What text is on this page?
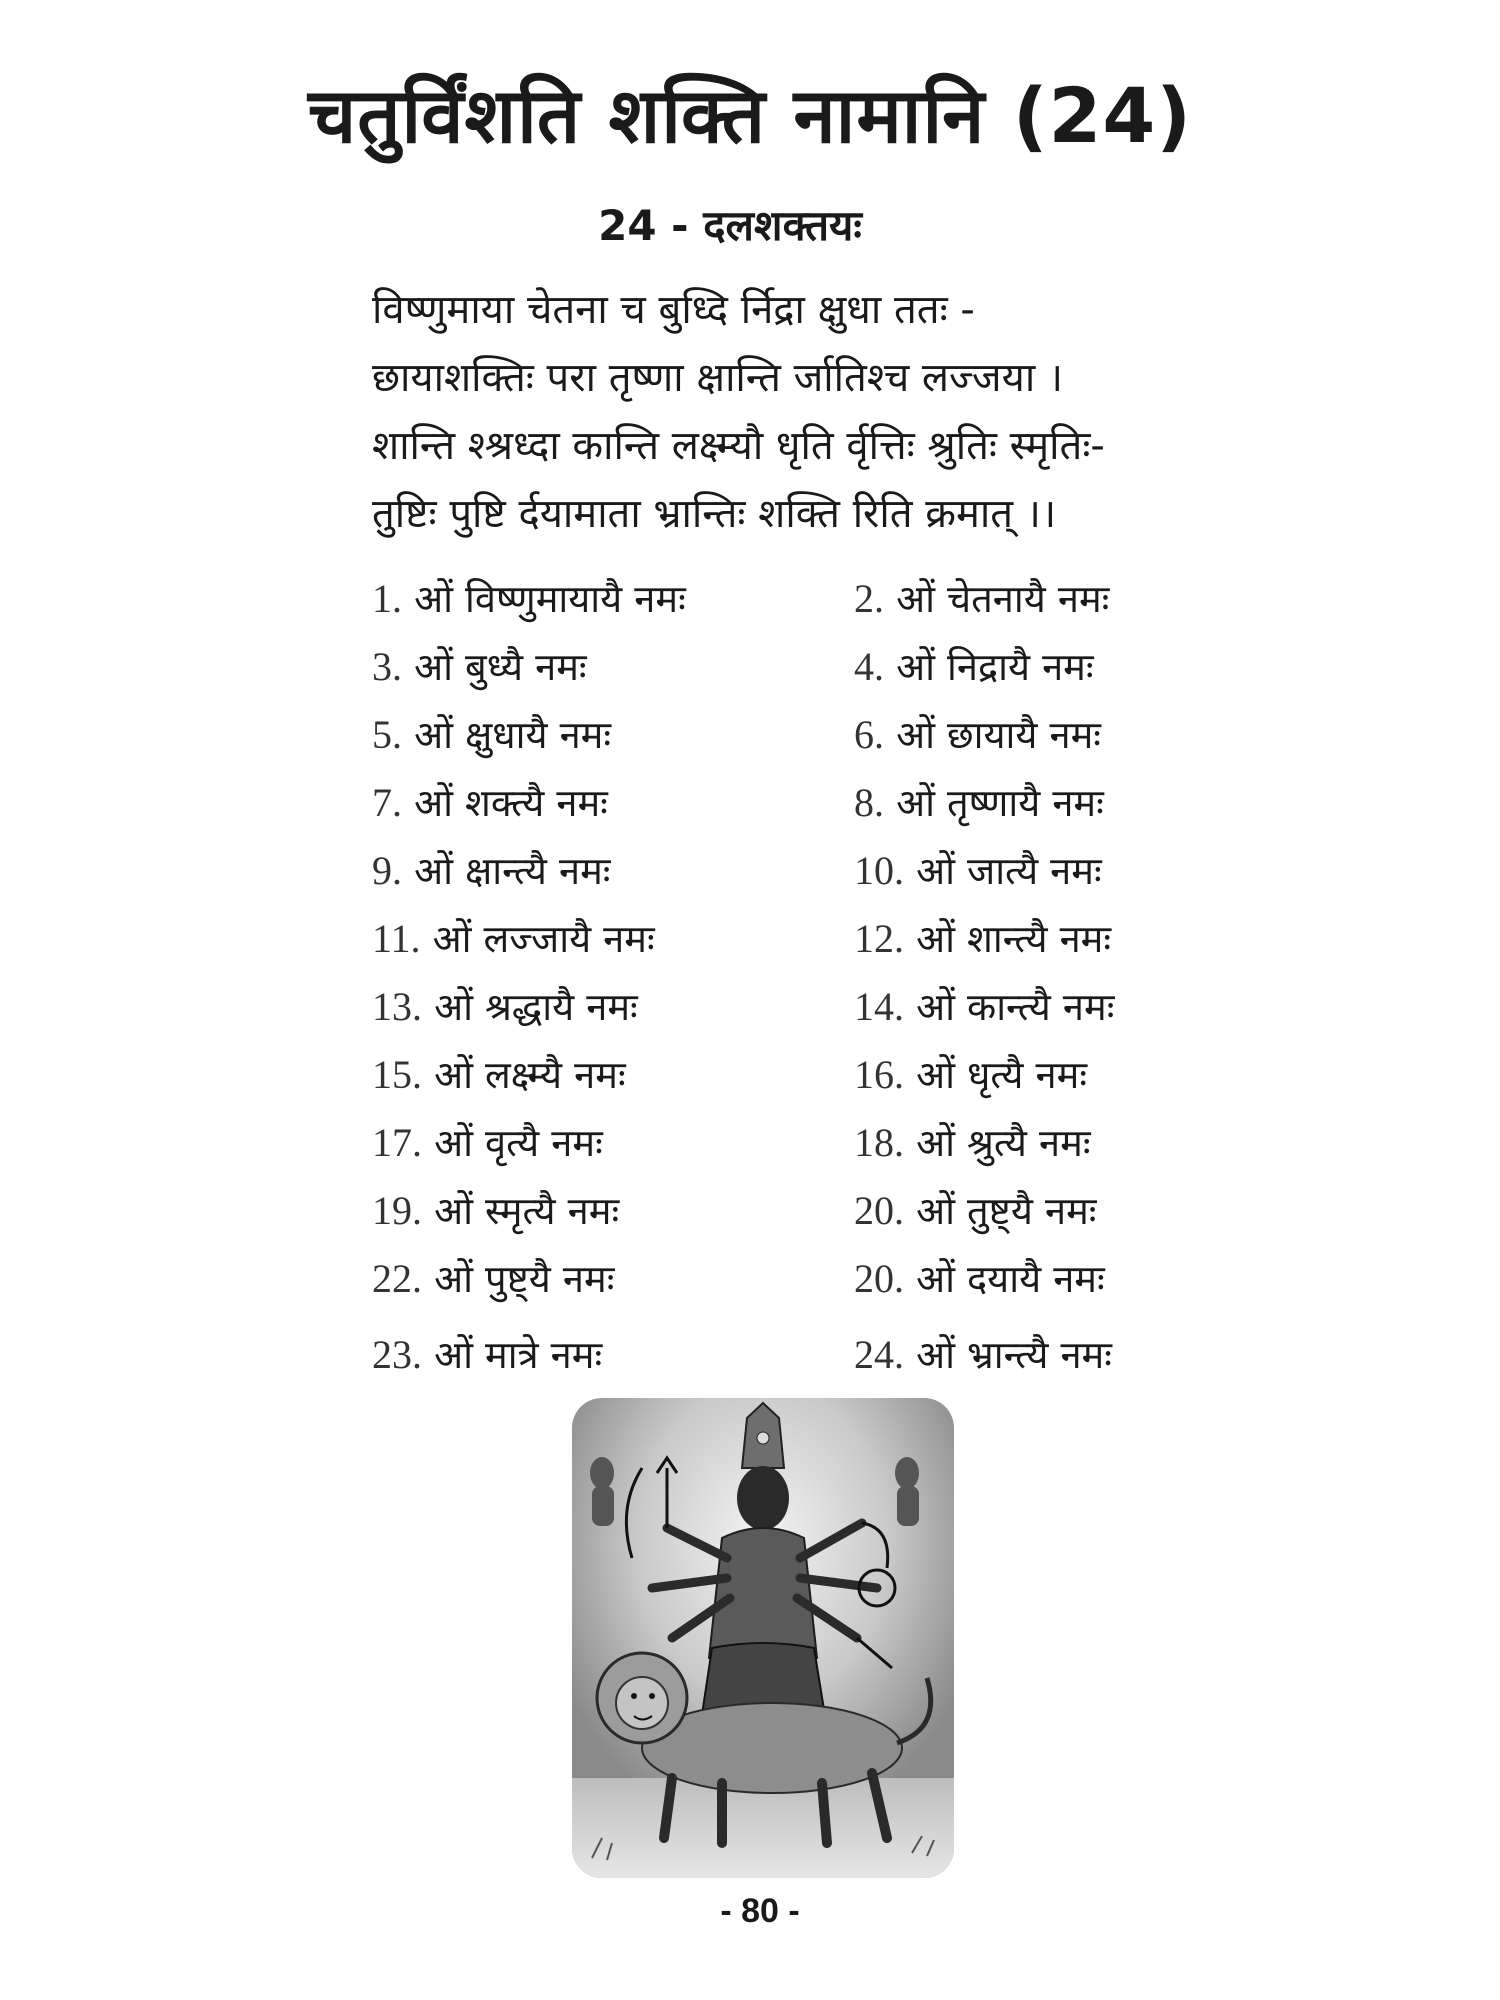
चतुर्विंशति शक्ति नामानि (24)
24 - दलशक्तयः
विष्णुमाया चेतना च बुध्दि र्निद्रा क्षुधा ततः -
छायाशक्तिः परा तृष्णा क्षान्ति र्जातिश्च लज्जया ।
शान्ति श्श्रध्दा कान्ति लक्ष्म्यौ धृति र्वृत्तिः श्रुतिः स्मृतिः-
तुष्टिः पुष्टि र्दयामाता भ्रान्तिः शक्ति रिति क्रमात् ।।
1. ओं विष्णुमायायै नमः	2. ओं चेतनायै नमः
3. ओं बुध्यै नमः	4. ओं निद्रायै नमः
5. ओं क्षुधायै नमः	6. ओं छायायै नमः
7. ओं शक्त्यै नमः	8. ओं तृष्णायै नमः
9. ओं क्षान्त्यै नमः	10. ओं जात्यै नमः
11. ओं लज्जायै नमः	12. ओं शान्त्यै नमः
13. ओं श्रद्धायै नमः	14. ओं कान्त्यै नमः
15. ओं लक्ष्म्यै नमः	16. ओं धृत्यै नमः
17. ओं वृत्यै नमः	18. ओं श्रुत्यै नमः
19. ओं स्मृत्यै नमः	20. ओं तुष्ट्यै नमः
22. ओं पुष्ट्यै नमः	20. ओं दयायै नमः
23. ओं मात्रे नमः	24. ओं भ्रान्त्यै नमः
- 80 -
